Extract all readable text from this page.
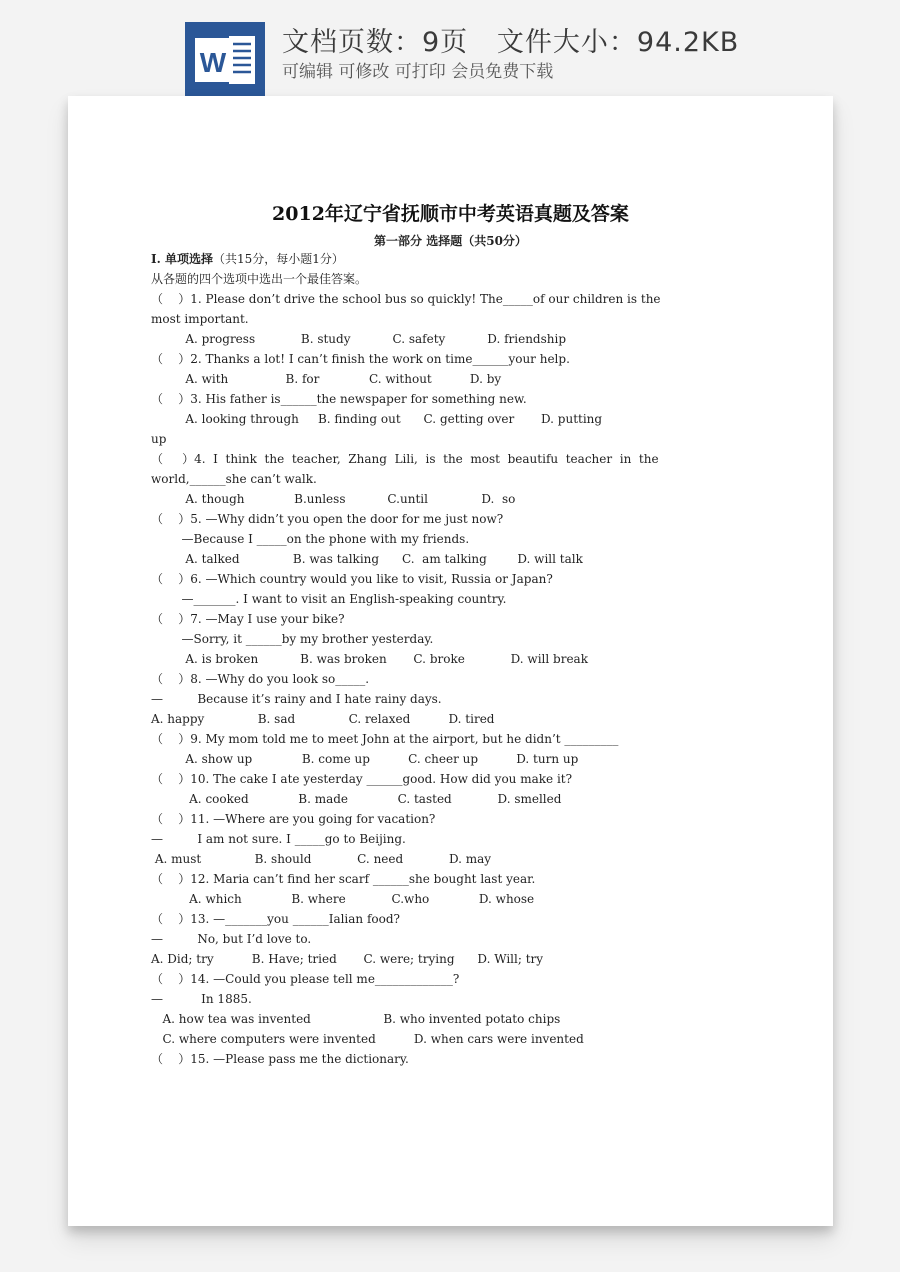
W
文档页数：9页   文件大小：94.2KB
可编辑 可修改 可打印 会员免费下载
2012年辽宁省抚顺市中考英语真题及答案
第一部分 选择题（共50分）
Ⅰ. 单项选择（共15分，每小题1分）
从各题的四个选项中选出一个最佳答案。
（    ）1. Please don’t drive the school bus so quickly! The_____of our children is the
most important.
A. progress            B. study           C. safety           D. friendship
（    ）2. Thanks a lot! I can’t finish the work on time______your help.
A. with               B. for             C. without          D. by
（    ）3. His father is______the newspaper for something new.
A. looking through     B. finding out      C. getting over       D. putting
up
（     ）4.  I  think  the  teacher,  Zhang  Lili,  is  the  most  beautifu  teacher  in  the
world,______she can’t walk.
A. though             B.unless           C.until              D.  so
（    ）5. —Why didn’t you open the door for me just now?
—Because I _____on the phone with my friends.
A. talked              B. was talking      C.  am talking        D. will talk
（    ）6. —Which country would you like to visit, Russia or Japan?
—_______. I want to visit an English-speaking country.
（    ）7. —May I use your bike?
—Sorry, it ______by my brother yesterday.
A. is broken           B. was broken       C. broke            D. will break
（    ）8. —Why do you look so_____.
—         Because it’s rainy and I hate rainy days.
A. happy              B. sad              C. relaxed          D. tired
（    ）9. My mom told me to meet John at the airport, but he didn’t _________
A. show up             B. come up          C. cheer up          D. turn up
（    ）10. The cake I ate yesterday ______good. How did you make it?
A. cooked             B. made             C. tasted            D. smelled
（    ）11. —Where are you going for vacation?
—         I am not sure. I _____go to Beijing.
A. must              B. should            C. need            D. may
（    ）12. Maria can’t find her scarf ______she bought last year.
A. which             B. where            C.who             D. whose
（    ）13. —_______you ______Ialian food?
—         No, but I’d love to.
A. Did; try          B. Have; tried       C. were; trying      D. Will; try
（    ）14. —Could you please tell me_____________?
—          In 1885.
A. how tea was invented                   B. who invented potato chips
C. where computers were invented          D. when cars were invented
（    ）15. —Please pass me the dictionary.
